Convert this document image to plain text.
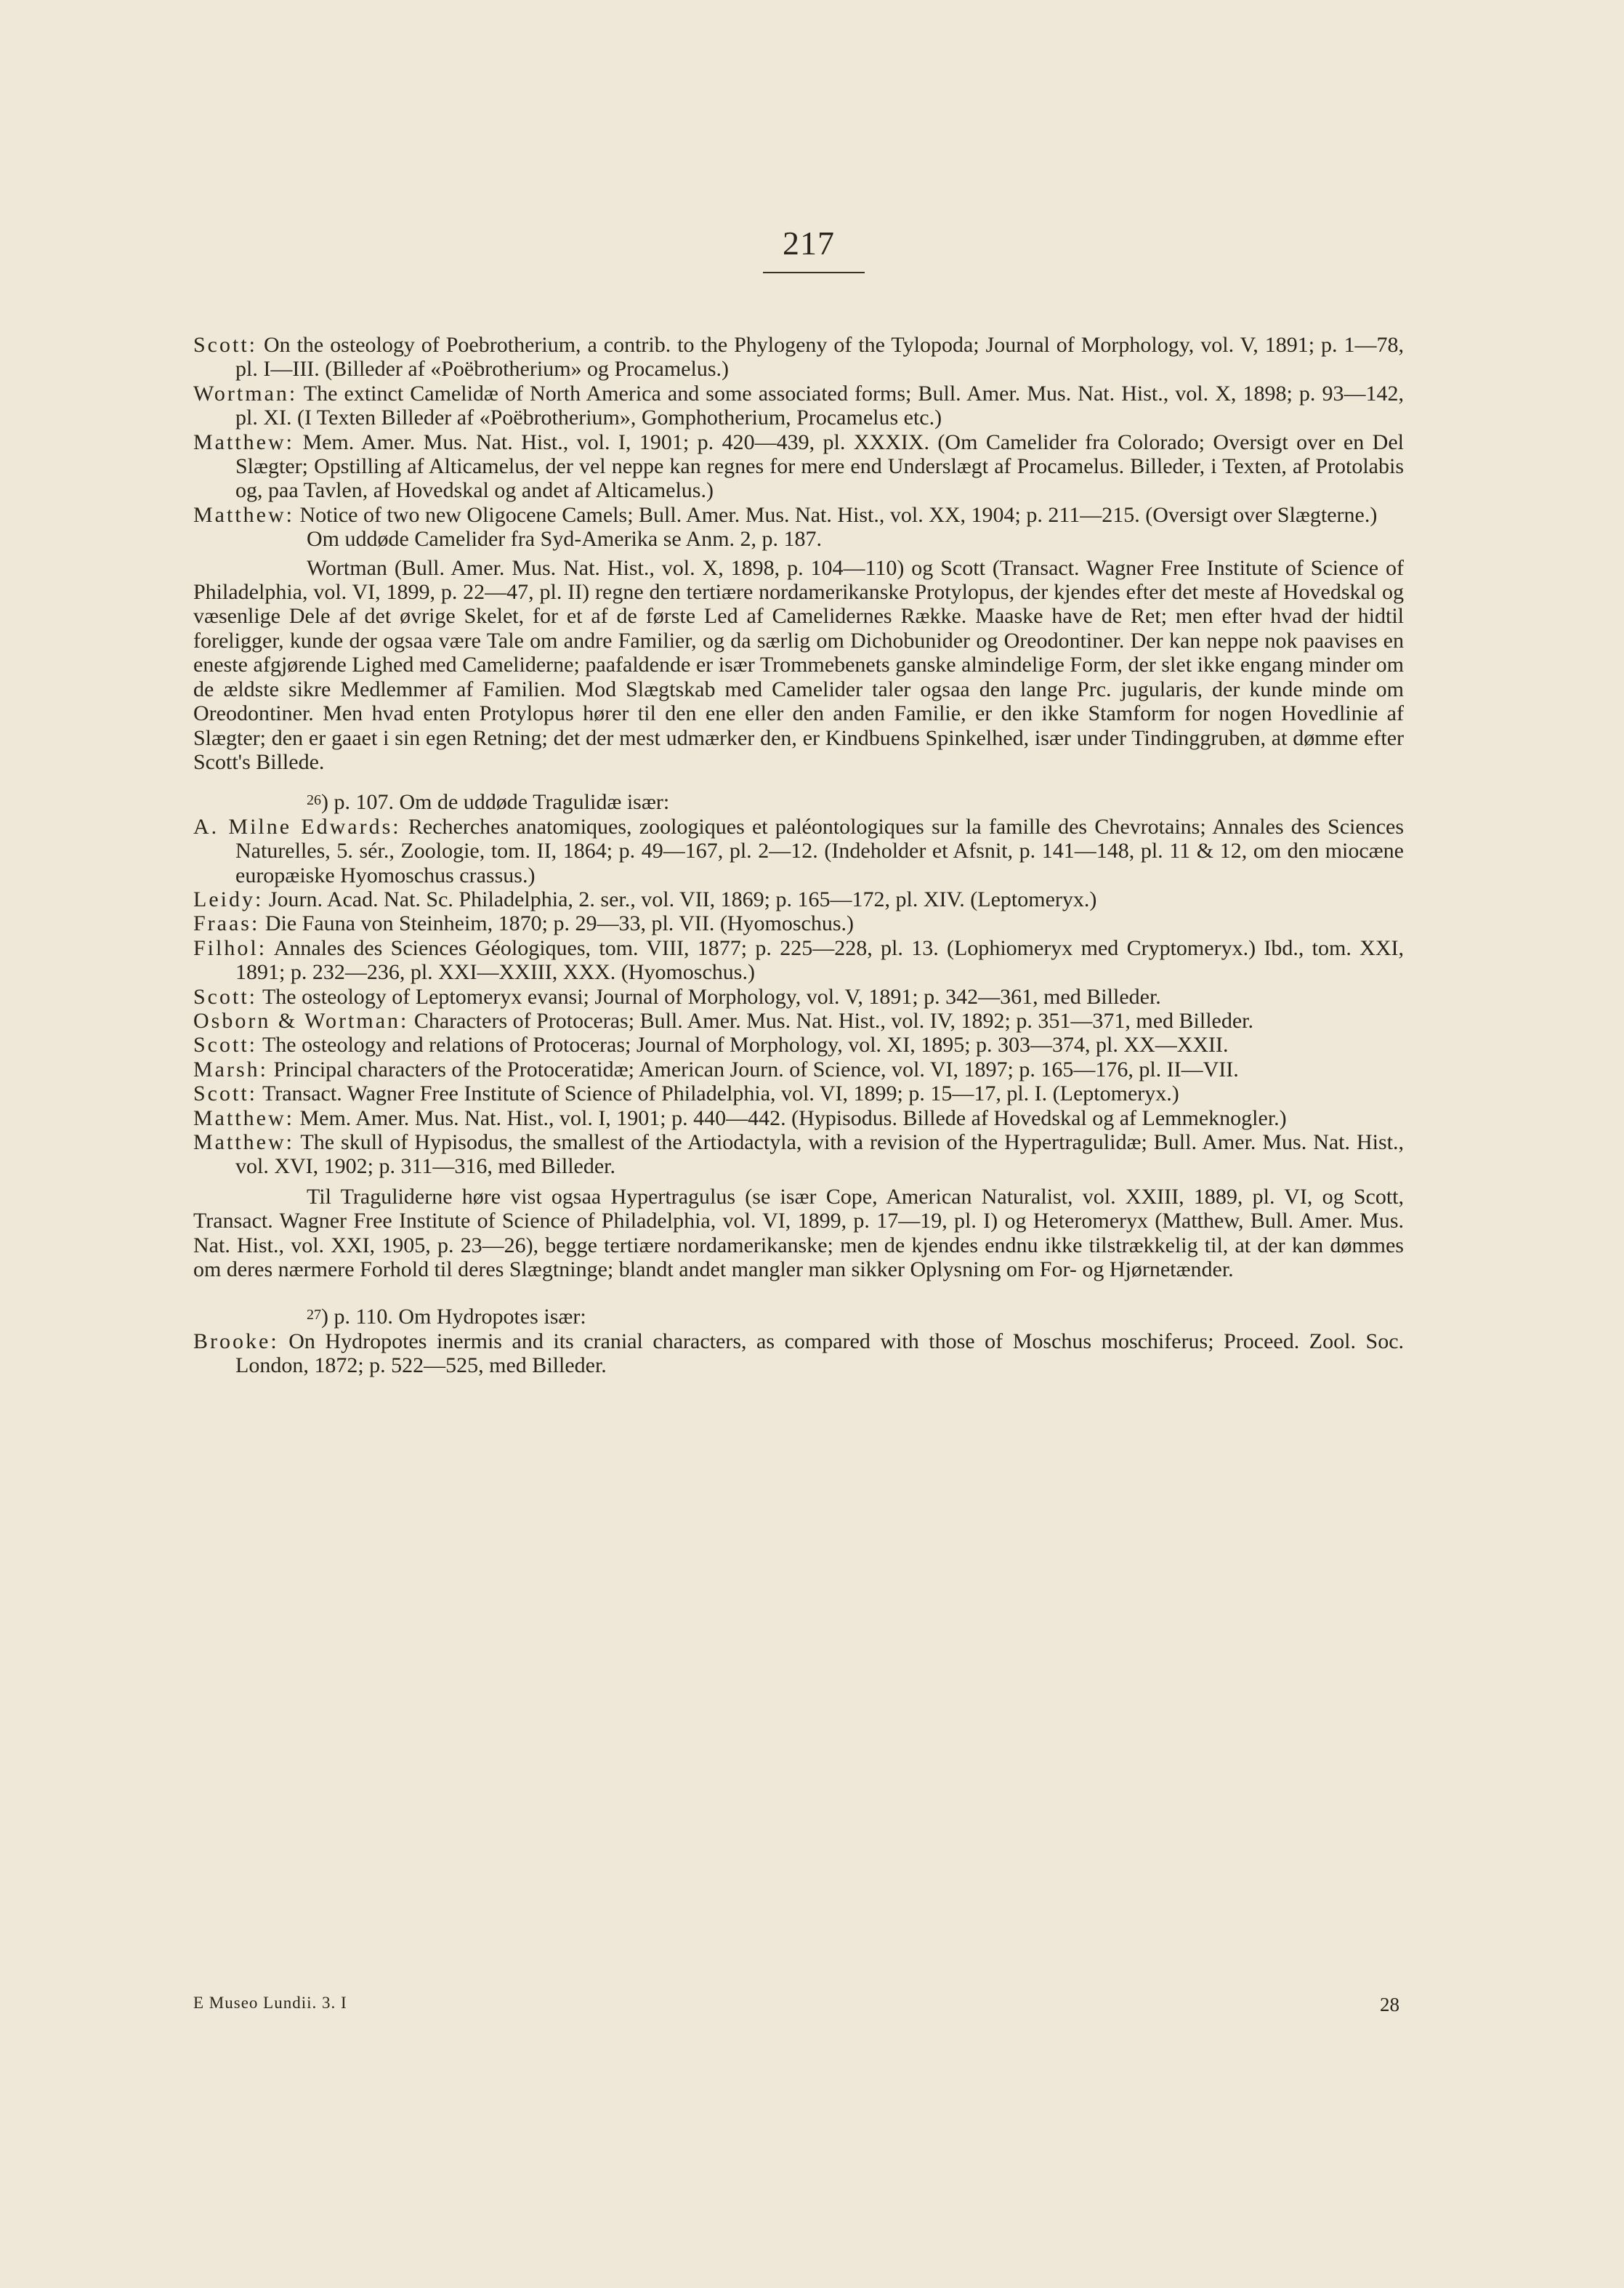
217

Scott: On the osteology of Poebrotherium, a contrib. to the Phylogeny of the Tylopoda; Journal of Morphology, vol. V, 1891; p. 1—78, pl. I—III. (Billeder af «Poëbrotherium» og Procamelus.)

Wortman: The extinct Camelidæ of North America and some associated forms; Bull. Amer. Mus. Nat. Hist., vol. X, 1898; p. 93—142, pl. XI. (I Texten Billeder af «Poëbrotherium», Gomphotherium, Procamelus etc.)

Matthew: Mem. Amer. Mus. Nat. Hist., vol. I, 1901; p. 420—439, pl. XXXIX. (Om Camelider fra Colorado; Oversigt over en Del Slægter; Opstilling af Alticamelus, der vel neppe kan regnes for mere end Underslægt af Procamelus. Billeder, i Texten, af Protolabis og, paa Tavlen, af Hovedskal og andet af Alticamelus.)

Matthew: Notice of two new Oligocene Camels; Bull. Amer. Mus. Nat. Hist., vol. XX, 1904; p. 211—215. (Oversigt over Slægterne.)

Om uddøde Camelider fra Syd-Amerika se Anm. 2, p. 187.

Wortman (Bull. Amer. Mus. Nat. Hist., vol. X, 1898, p. 104—110) og Scott (Transact. Wagner Free Institute of Science of Philadelphia, vol. VI, 1899, p. 22—47, pl. II) regne den tertiære nordamerikanske Protylopus, der kjendes efter det meste af Hovedskal og væsenlige Dele af det øvrige Skelet, for et af de første Led af Camelidernes Række. Maaske have de Ret; men efter hvad der hidtil foreligger, kunde der ogsaa være Tale om andre Familier, og da særlig om Dichobunider og Oreodontiner. Der kan neppe nok paavises en eneste afgjørende Lighed med Cameliderne; paafaldende er især Trommebenets ganske almindelige Form, der slet ikke engang minder om de ældste sikre Medlemmer af Familien. Mod Slægtskab med Camelider taler ogsaa den lange Prc. jugularis, der kunde minde om Oreodontiner. Men hvad enten Protylopus hører til den ene eller den anden Familie, er den ikke Stamform for nogen Hovedlinie af Slægter; den er gaaet i sin egen Retning; det der mest udmærker den, er Kindbuens Spinkelhed, især under Tindinggruben, at dømme efter Scott's Billede.

$^{26}$) p. 107. Om de uddøde Tragulidæ især:

A. Milne Edwards: Recherches anatomiques, zoologiques et paléontologiques sur la famille des Chevrotains; Annales des Sciences Naturelles, 5. sér., Zoologie, tom. II, 1864; p. 49—167, pl. 2—12. (Indeholder et Afsnit, p. 141—148, pl. 11 & 12, om den miocæne europæiske Hyomoschus crassus.)

Leidy: Journ. Acad. Nat. Sc. Philadelphia, 2. ser., vol. VII, 1869; p. 165—172, pl. XIV. (Leptomeryx.)

Fraas: Die Fauna von Steinheim, 1870; p. 29—33, pl. VII. (Hyomoschus.)

Filhol: Annales des Sciences Géologiques, tom. VIII, 1877; p. 225—228, pl. 13. (Lophiomeryx med Cryptomeryx.) Ibd., tom. XXI, 1891; p. 232—236, pl. XXI—XXIII, XXX. (Hyomoschus.)

Scott: The osteology of Leptomeryx evansi; Journal of Morphology, vol. V, 1891; p. 342—361, med Billeder.

Osborn & Wortman: Characters of Protoceras; Bull. Amer. Mus. Nat. Hist., vol. IV, 1892; p. 351—371, med Billeder.

Scott: The osteology and relations of Protoceras; Journal of Morphology, vol. XI, 1895; p. 303—374, pl. XX—XXII.

Marsh: Principal characters of the Protoceratidæ; American Journ. of Science, vol. VI, 1897; p. 165—176, pl. II—VII.

Scott: Transact. Wagner Free Institute of Science of Philadelphia, vol. VI, 1899; p. 15—17, pl. I. (Leptomeryx.)

Matthew: Mem. Amer. Mus. Nat. Hist., vol. I, 1901; p. 440—442. (Hypisodus. Billede af Hovedskal og af Lemmeknogler.)

Matthew: The skull of Hypisodus, the smallest of the Artiodactyla, with a revision of the Hypertragulidæ; Bull. Amer. Mus. Nat. Hist., vol. XVI, 1902; p. 311—316, med Billeder.

Til Traguliderne høre vist ogsaa Hypertragulus (se især Cope, American Naturalist, vol. XXIII, 1889, pl. VI, og Scott, Transact. Wagner Free Institute of Science of Philadelphia, vol. VI, 1899, p. 17—19, pl. I) og Heteromeryx (Matthew, Bull. Amer. Mus. Nat. Hist., vol. XXI, 1905, p. 23—26), begge tertiære nordamerikanske; men de kjendes endnu ikke tilstrækkelig til, at der kan dømmes om deres nærmere Forhold til deres Slægtninge; blandt andet mangler man sikker Oplysning om For- og Hjørnetænder.

$^{27}$) p. 110. Om Hydropotes især:

Brooke: On Hydropotes inermis and its cranial characters, as compared with those of Moschus moschiferus; Proceed. Zool. Soc. London, 1872; p. 522—525, med Billeder.

E Museo Lundii. 3. I	28
